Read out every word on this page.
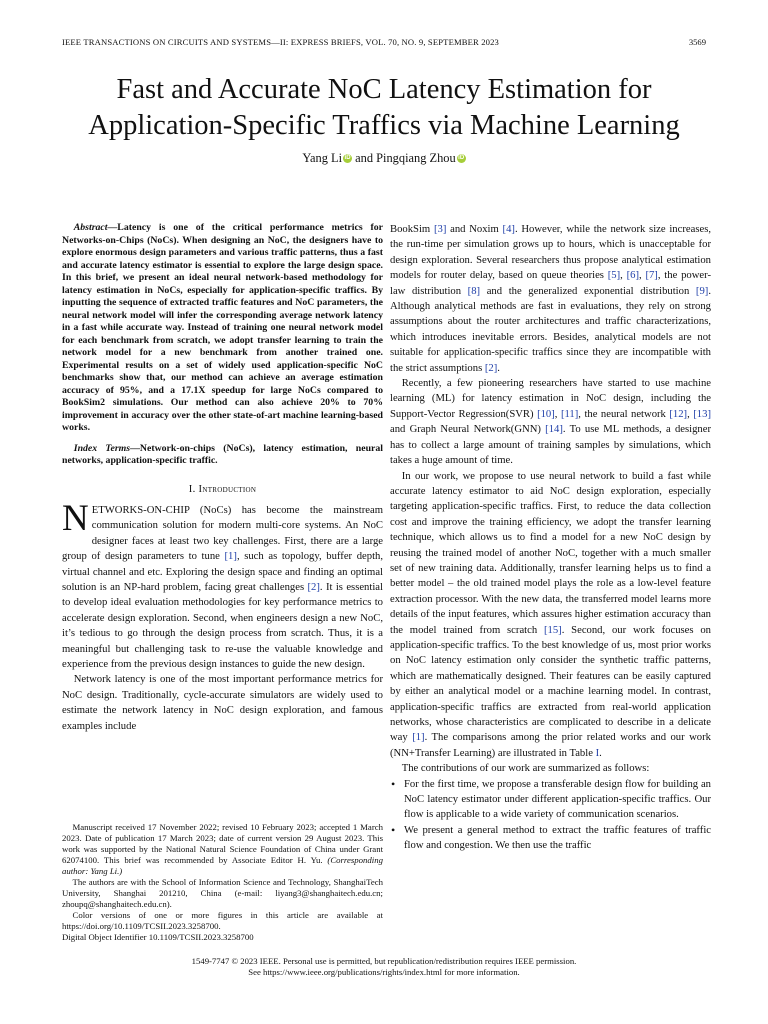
IEEE TRANSACTIONS ON CIRCUITS AND SYSTEMS—II: EXPRESS BRIEFS, VOL. 70, NO. 9, SEPTEMBER 2023	3569
Fast and Accurate NoC Latency Estimation for
Application-Specific Traffics via Machine Learning
Yang Li iD and Pingqiang Zhou iD

Abstract—Latency is one of the critical performance metrics for Networks-on-Chips (NoCs). When designing an NoC, the designers have to explore enormous design parameters and various traffic patterns, thus a fast and accurate latency estimator is essential to explore the large design space. In this brief, we present an ideal neural network-based methodology for latency estimation in NoCs, especially for application-specific traffics. By inputting the sequence of extracted traffic features and NoC parameters, the neural network model will infer the corresponding average network latency in a fast while accurate way. Instead of training one neural network model for each benchmark from scratch, we adopt transfer learning to train the network model for a new benchmark from another trained one. Experimental results on a set of widely used application-specific NoC benchmarks show that, our method can achieve an average estimation accuracy of 95%, and a 17.1X speedup for large NoCs compared to BookSim2 simulations. Our method can also achieve 20% to 70% improvement in accuracy over the other state-of-art machine learning-based works.

Index Terms—Network-on-chips (NoCs), latency estimation, neural networks, application-specific traffic.

I. Introduction

NETWORKS-ON-CHIP (NoCs) has become the mainstream communication solution for modern multi-core systems. An NoC designer faces at least two key challenges. First, there are a large group of design parameters to tune [1], such as topology, buffer depth, virtual channel and etc. Exploring the design space and finding an optimal solution is an NP-hard problem, facing great challenges [2]. It is essential to develop ideal evaluation methodologies for key performance metrics to accelerate design exploration. Second, when engineers design a new NoC, it’s tedious to go through the design process from scratch. Thus, it is a meaningful but challenging task to re-use the valuable knowledge and experience from the previous design instances to guide the new design.

Network latency is one of the most important performance metrics for NoC design. Traditionally, cycle-accurate simulators are widely used to estimate the network latency in NoC design exploration, and famous examples include

Manuscript received 17 November 2022; revised 10 February 2023; accepted 1 March 2023. Date of publication 17 March 2023; date of current version 29 August 2023. This work was supported by the National Natural Science Foundation of China under Grant 62074100. This brief was recommended by Associate Editor H. Yu. (Corresponding author: Yang Li.)

The authors are with the School of Information Science and Technology, ShanghaiTech University, Shanghai 201210, China (e-mail: liyang3@shanghaitech.edu.cn; zhoupq@shanghaitech.edu.cn).

Color versions of one or more figures in this article are available at https://doi.org/10.1109/TCSII.2023.3258700.

Digital Object Identifier 10.1109/TCSII.2023.3258700

BookSim [3] and Noxim [4]. However, while the network size increases, the run-time per simulation grows up to hours, which is unacceptable for design exploration. Several researchers thus propose analytical estimation models for router delay, based on queue theories [5], [6], [7], the power-law distribution [8] and the generalized exponential distribution [9]. Although analytical methods are fast in evaluations, they rely on strong assumptions about the router architectures and traffic characterizations, which introduces inevitable errors. Besides, analytical models are not suitable for application-specific traffics since they are incompatible with the strict assumptions [2].

Recently, a few pioneering researchers have started to use machine learning (ML) for latency estimation in NoC design, including the Support-Vector Regression(SVR) [10], [11], the neural network [12], [13] and Graph Neural Network(GNN) [14]. To use ML methods, a designer has to collect a large amount of training samples by simulations, which takes a huge amount of time.

In our work, we propose to use neural network to build a fast while accurate latency estimator to aid NoC design exploration, especially targeting application-specific traffics. First, to reduce the data collection cost and improve the training efficiency, we adopt the transfer learning technique, which allows us to find a model for a new NoC design by reusing the trained model of another NoC, together with a much smaller set of new training data. Additionally, transfer learning helps us to find a better model – the old trained model plays the role as a low-level feature extraction processor. With the new data, the transferred model learns more details of the input features, which assures higher estimation accuracy than the model trained from scratch [15]. Second, our work focuses on application-specific traffics. To the best knowledge of us, most prior works on NoC latency estimation only consider the synthetic traffic patterns, which are mathematically designed. Their features can be easily captured by either an analytical model or a machine learning model. In contrast, application-specific traffics are extracted from real-world application networks, whose characteristics are complicated to describe in a delicate way [1]. The comparisons among the prior related works and our work (NN+Transfer Learning) are illustrated in Table I.

The contributions of our work are summarized as follows:

• For the first time, we propose a transferable design flow for building an NoC latency estimator under different application-specific traffics. Our flow is applicable to a wide variety of communication scenarios.
• We present a general method to extract the traffic features of traffic flow and congestion. We then use the traffic
1549-7747 © 2023 IEEE. Personal use is permitted, but republication/redistribution requires IEEE permission.
See https://www.ieee.org/publications/rights/index.html for more information.
